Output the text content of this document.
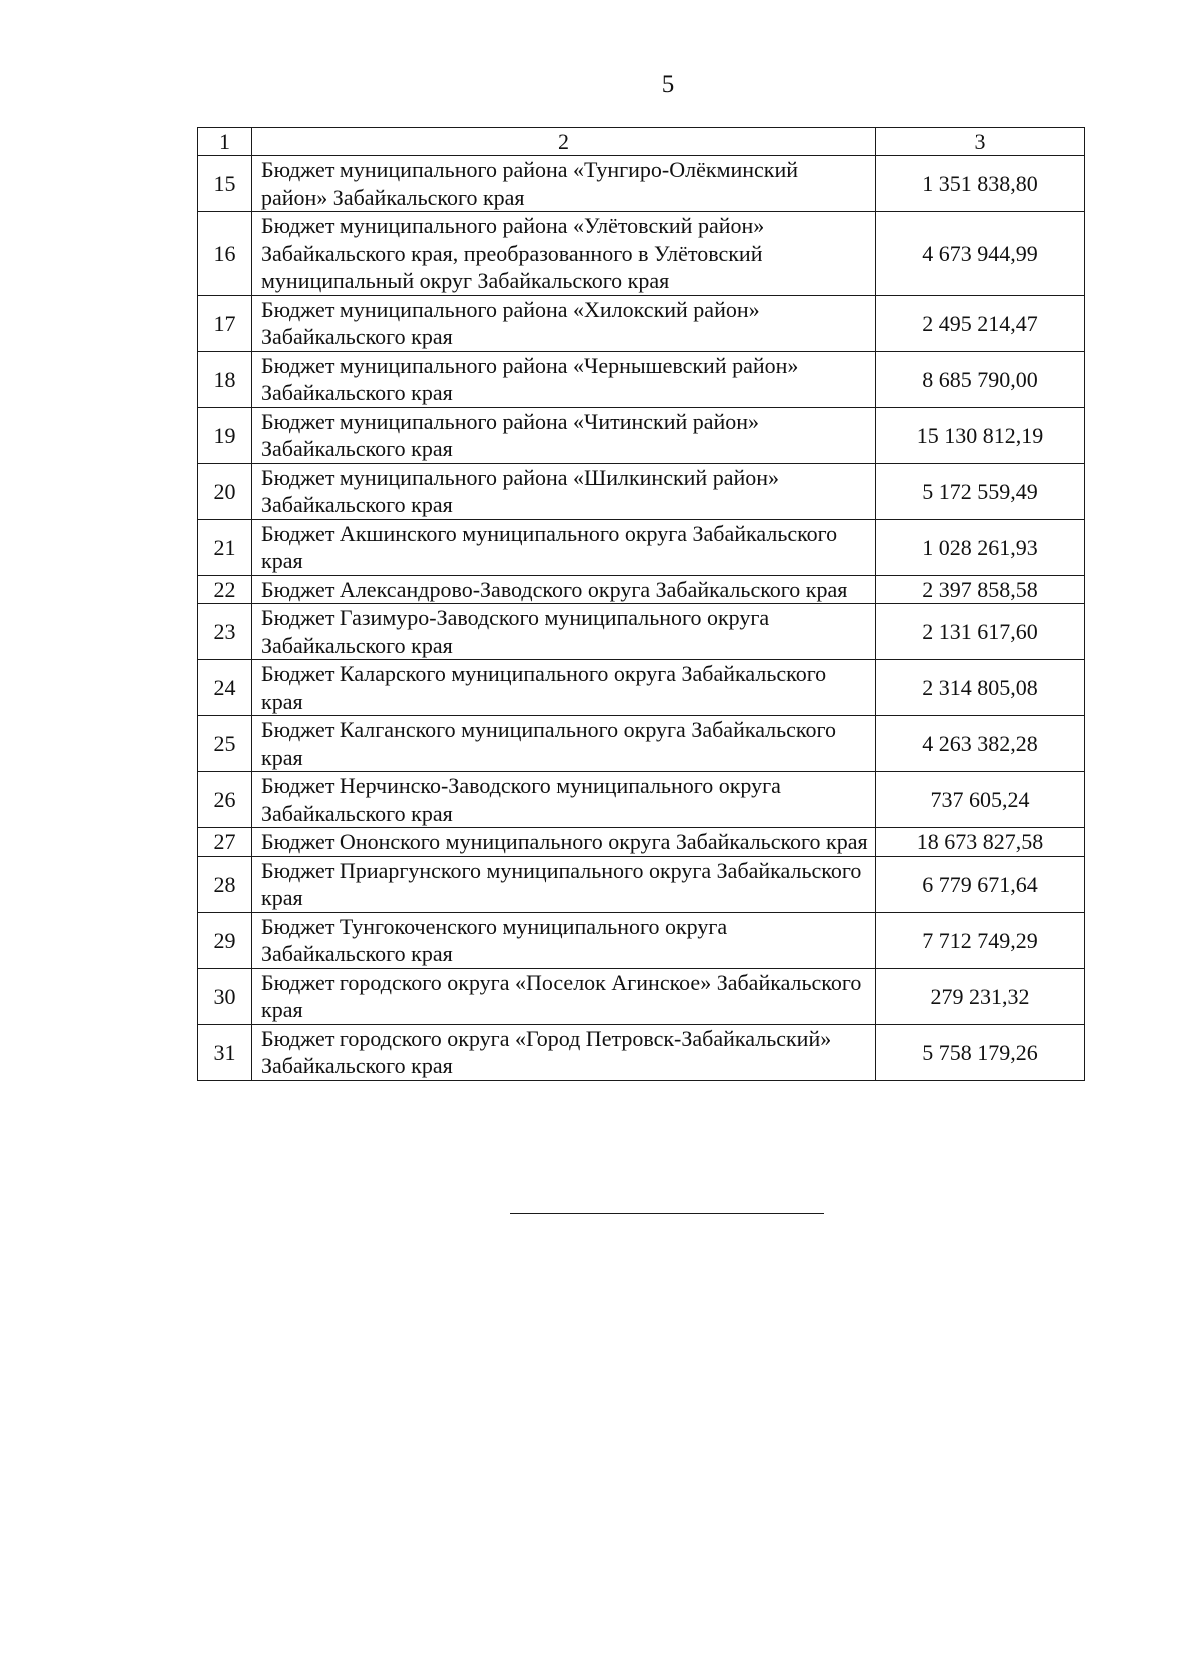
5
1	2	3
15	Бюджет муниципального района «Тунгиро-Олёкминский район» Забайкальского края	1 351 838,80
16	Бюджет муниципального района «Улётовский район» Забайкальского края, преобразованного в Улётовский муниципальный округ Забайкальского края	4 673 944,99
17	Бюджет муниципального района «Хилокский район» Забайкальского края	2 495 214,47
18	Бюджет муниципального района «Чернышевский район» Забайкальского края	8 685 790,00
19	Бюджет муниципального района «Читинский район» Забайкальского края	15 130 812,19
20	Бюджет муниципального района «Шилкинский район» Забайкальского края	5 172 559,49
21	Бюджет Акшинского муниципального округа Забайкальского края	1 028 261,93
22	Бюджет Александрово-Заводского округа Забайкальского края	2 397 858,58
23	Бюджет Газимуро-Заводского муниципального округа Забайкальского края	2 131 617,60
24	Бюджет Каларского муниципального округа Забайкальского края	2 314 805,08
25	Бюджет Калганского муниципального округа Забайкальского края	4 263 382,28
26	Бюджет Нерчинско-Заводского муниципального округа Забайкальского края	737 605,24
27	Бюджет Ононского муниципального округа Забайкальского края	18 673 827,58
28	Бюджет Приаргунского муниципального округа Забайкальского края	6 779 671,64
29	Бюджет Тунгокоченского муниципального округа Забайкальского края	7 712 749,29
30	Бюджет городского округа «Поселок Агинское» Забайкальского края	279 231,32
31	Бюджет городского округа «Город Петровск-Забайкальский» Забайкальского края	5 758 179,26
